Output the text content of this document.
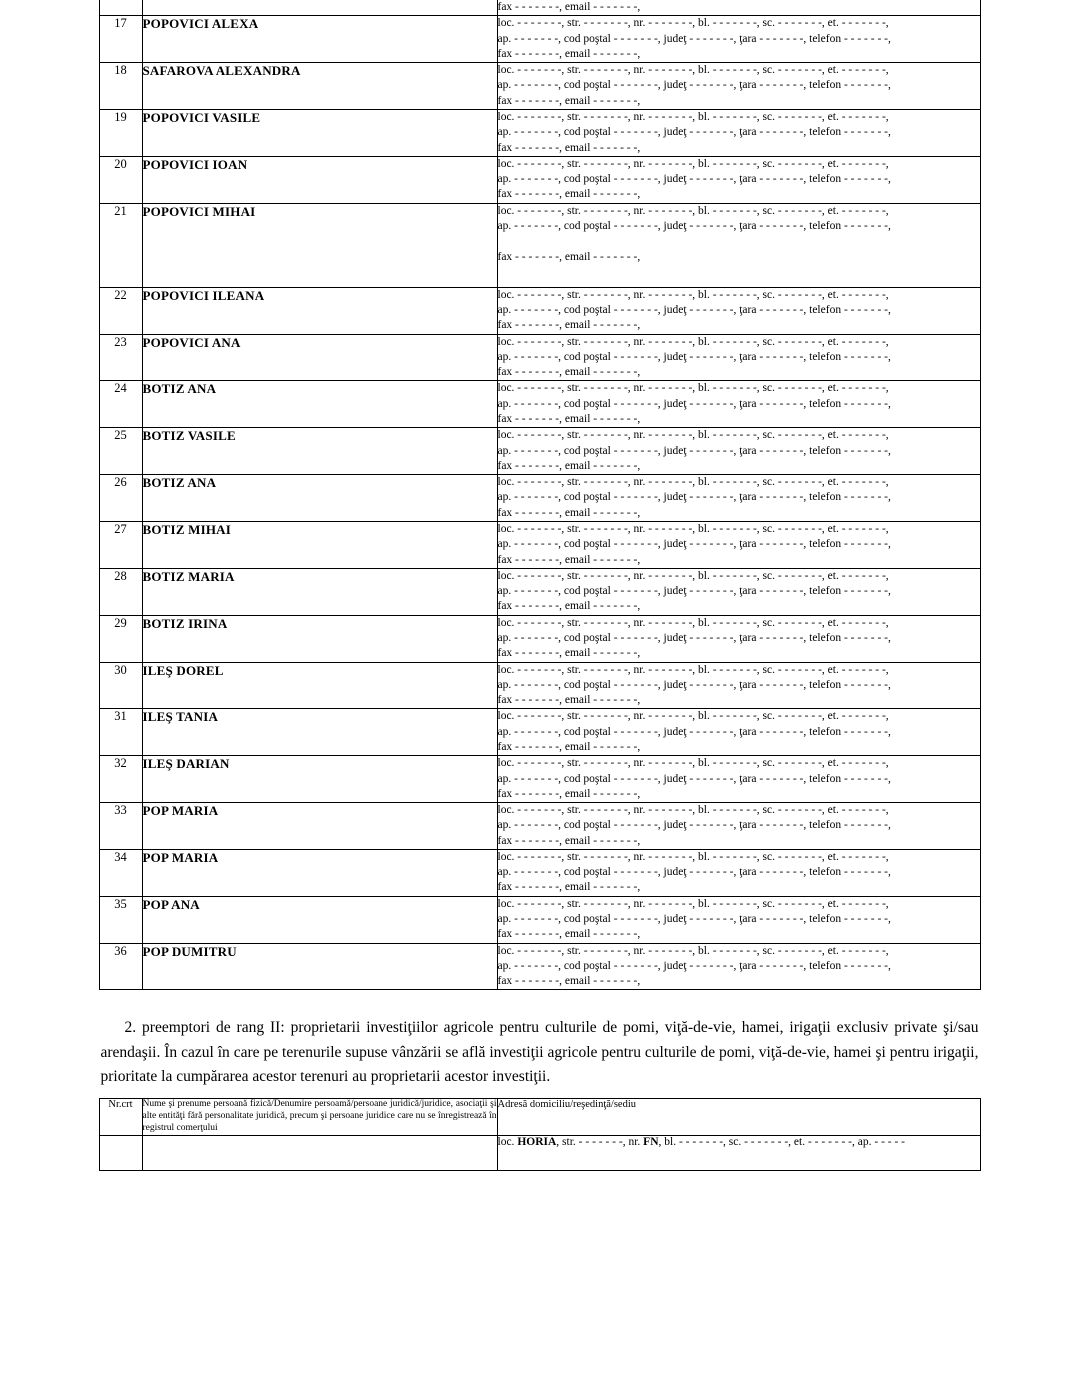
		fax - - - - - - -, email - - - - - - -,
17	POPOVICI ALEXA	loc. - - - - - - -, str. - - - - - - -, nr. - - - - - - -, bl. - - - - - - -, sc. - - - - - - -, et. - - - - - - -,
ap. - - - - - - -, cod poştal - - - - - - -, judeţ - - - - - - -, ţara - - - - - - -, telefon - - - - - - -,
fax - - - - - - -, email - - - - - - -,
18	SAFAROVA ALEXANDRA	loc. - - - - - - -, str. - - - - - - -, nr. - - - - - - -, bl. - - - - - - -, sc. - - - - - - -, et. - - - - - - -,
ap. - - - - - - -, cod poştal - - - - - - -, judeţ - - - - - - -, ţara - - - - - - -, telefon - - - - - - -,
fax - - - - - - -, email - - - - - - -,
19	POPOVICI VASILE	loc. - - - - - - -, str. - - - - - - -, nr. - - - - - - -, bl. - - - - - - -, sc. - - - - - - -, et. - - - - - - -,
ap. - - - - - - -, cod poştal - - - - - - -, judeţ - - - - - - -, ţara - - - - - - -, telefon - - - - - - -,
fax - - - - - - -, email - - - - - - -,
20	POPOVICI IOAN	loc. - - - - - - -, str. - - - - - - -, nr. - - - - - - -, bl. - - - - - - -, sc. - - - - - - -, et. - - - - - - -,
ap. - - - - - - -, cod poştal - - - - - - -, judeţ - - - - - - -, ţara - - - - - - -, telefon - - - - - - -,
fax - - - - - - -, email - - - - - - -,
21	POPOVICI MIHAI	loc. - - - - - - -, str. - - - - - - -, nr. - - - - - - -, bl. - - - - - - -, sc. - - - - - - -, et. - - - - - - -,
ap. - - - - - - -, cod poştal - - - - - - -, judeţ - - - - - - -, ţara - - - - - - -, telefon - - - - - - -,

fax - - - - - - -, email - - - - - - -,
22	POPOVICI ILEANA	loc. - - - - - - -, str. - - - - - - -, nr. - - - - - - -, bl. - - - - - - -, sc. - - - - - - -, et. - - - - - - -,
ap. - - - - - - -, cod poştal - - - - - - -, judeţ - - - - - - -, ţara - - - - - - -, telefon - - - - - - -,
fax - - - - - - -, email - - - - - - -,
23	POPOVICI ANA	loc. - - - - - - -, str. - - - - - - -, nr. - - - - - - -, bl. - - - - - - -, sc. - - - - - - -, et. - - - - - - -,
ap. - - - - - - -, cod poştal - - - - - - -, judeţ - - - - - - -, ţara - - - - - - -, telefon - - - - - - -,
fax - - - - - - -, email - - - - - - -,
24	BOTIZ ANA	loc. - - - - - - -, str. - - - - - - -, nr. - - - - - - -, bl. - - - - - - -, sc. - - - - - - -, et. - - - - - - -,
ap. - - - - - - -, cod poştal - - - - - - -, judeţ - - - - - - -, ţara - - - - - - -, telefon - - - - - - -,
fax - - - - - - -, email - - - - - - -,
25	BOTIZ VASILE	loc. - - - - - - -, str. - - - - - - -, nr. - - - - - - -, bl. - - - - - - -, sc. - - - - - - -, et. - - - - - - -,
ap. - - - - - - -, cod poştal - - - - - - -, judeţ - - - - - - -, ţara - - - - - - -, telefon - - - - - - -,
fax - - - - - - -, email - - - - - - -,
26	BOTIZ ANA	loc. - - - - - - -, str. - - - - - - -, nr. - - - - - - -, bl. - - - - - - -, sc. - - - - - - -, et. - - - - - - -,
ap. - - - - - - -, cod poştal - - - - - - -, judeţ - - - - - - -, ţara - - - - - - -, telefon - - - - - - -,
fax - - - - - - -, email - - - - - - -,
27	BOTIZ MIHAI	loc. - - - - - - -, str. - - - - - - -, nr. - - - - - - -, bl. - - - - - - -, sc. - - - - - - -, et. - - - - - - -,
ap. - - - - - - -, cod poştal - - - - - - -, judeţ - - - - - - -, ţara - - - - - - -, telefon - - - - - - -,
fax - - - - - - -, email - - - - - - -,
28	BOTIZ MARIA	loc. - - - - - - -, str. - - - - - - -, nr. - - - - - - -, bl. - - - - - - -, sc. - - - - - - -, et. - - - - - - -,
ap. - - - - - - -, cod poştal - - - - - - -, judeţ - - - - - - -, ţara - - - - - - -, telefon - - - - - - -,
fax - - - - - - -, email - - - - - - -,
29	BOTIZ IRINA	loc. - - - - - - -, str. - - - - - - -, nr. - - - - - - -, bl. - - - - - - -, sc. - - - - - - -, et. - - - - - - -,
ap. - - - - - - -, cod poştal - - - - - - -, judeţ - - - - - - -, ţara - - - - - - -, telefon - - - - - - -,
fax - - - - - - -, email - - - - - - -,
30	ILEŞ DOREL	loc. - - - - - - -, str. - - - - - - -, nr. - - - - - - -, bl. - - - - - - -, sc. - - - - - - -, et. - - - - - - -,
ap. - - - - - - -, cod poştal - - - - - - -, judeţ - - - - - - -, ţara - - - - - - -, telefon - - - - - - -,
fax - - - - - - -, email - - - - - - -,
31	ILEŞ TANIA	loc. - - - - - - -, str. - - - - - - -, nr. - - - - - - -, bl. - - - - - - -, sc. - - - - - - -, et. - - - - - - -,
ap. - - - - - - -, cod poştal - - - - - - -, judeţ - - - - - - -, ţara - - - - - - -, telefon - - - - - - -,
fax - - - - - - -, email - - - - - - -,
32	ILEŞ DARIAN	loc. - - - - - - -, str. - - - - - - -, nr. - - - - - - -, bl. - - - - - - -, sc. - - - - - - -, et. - - - - - - -,
ap. - - - - - - -, cod poştal - - - - - - -, judeţ - - - - - - -, ţara - - - - - - -, telefon - - - - - - -,
fax - - - - - - -, email - - - - - - -,
33	POP MARIA	loc. - - - - - - -, str. - - - - - - -, nr. - - - - - - -, bl. - - - - - - -, sc. - - - - - - -, et. - - - - - - -,
ap. - - - - - - -, cod poştal - - - - - - -, judeţ - - - - - - -, ţara - - - - - - -, telefon - - - - - - -,
fax - - - - - - -, email - - - - - - -,
34	POP MARIA	loc. - - - - - - -, str. - - - - - - -, nr. - - - - - - -, bl. - - - - - - -, sc. - - - - - - -, et. - - - - - - -,
ap. - - - - - - -, cod poştal - - - - - - -, judeţ - - - - - - -, ţara - - - - - - -, telefon - - - - - - -,
fax - - - - - - -, email - - - - - - -,
35	POP ANA	loc. - - - - - - -, str. - - - - - - -, nr. - - - - - - -, bl. - - - - - - -, sc. - - - - - - -, et. - - - - - - -,
ap. - - - - - - -, cod poştal - - - - - - -, judeţ - - - - - - -, ţara - - - - - - -, telefon - - - - - - -,
fax - - - - - - -, email - - - - - - -,
36	POP DUMITRU	loc. - - - - - - -, str. - - - - - - -, nr. - - - - - - -, bl. - - - - - - -, sc. - - - - - - -, et. - - - - - - -,
ap. - - - - - - -, cod poştal - - - - - - -, judeţ - - - - - - -, ţara - - - - - - -, telefon - - - - - - -,
fax - - - - - - -, email - - - - - - -,
2. preemptori de rang II: proprietarii investiţiilor agricole pentru culturile de pomi, viţă-de-vie, hamei, irigaţii exclusiv private şi/sau arendaşii. În cazul în care pe terenurile supuse vânzării se află investiţii agricole pentru culturile de pomi, viţă-de-vie, hamei şi pentru irigaţii, prioritate la cumpărarea acestor terenuri au proprietarii acestor investiţii.
Nr.crt	Nume şi prenume persoană fizică/Denumire persoamă/persoane juridică/juridice, asociaţii şi alte entităţi fără personalitate juridică, precum şi persoane juridice care nu se înregistrează în registrul comerţului	Adresă domiciliu/reşedinţă/sediu
		loc. HORIA, str. - - - - - - -, nr. FN, bl. - - - - - - -, sc. - - - - - - -, et. - - - - - - -, ap. - - - - -
